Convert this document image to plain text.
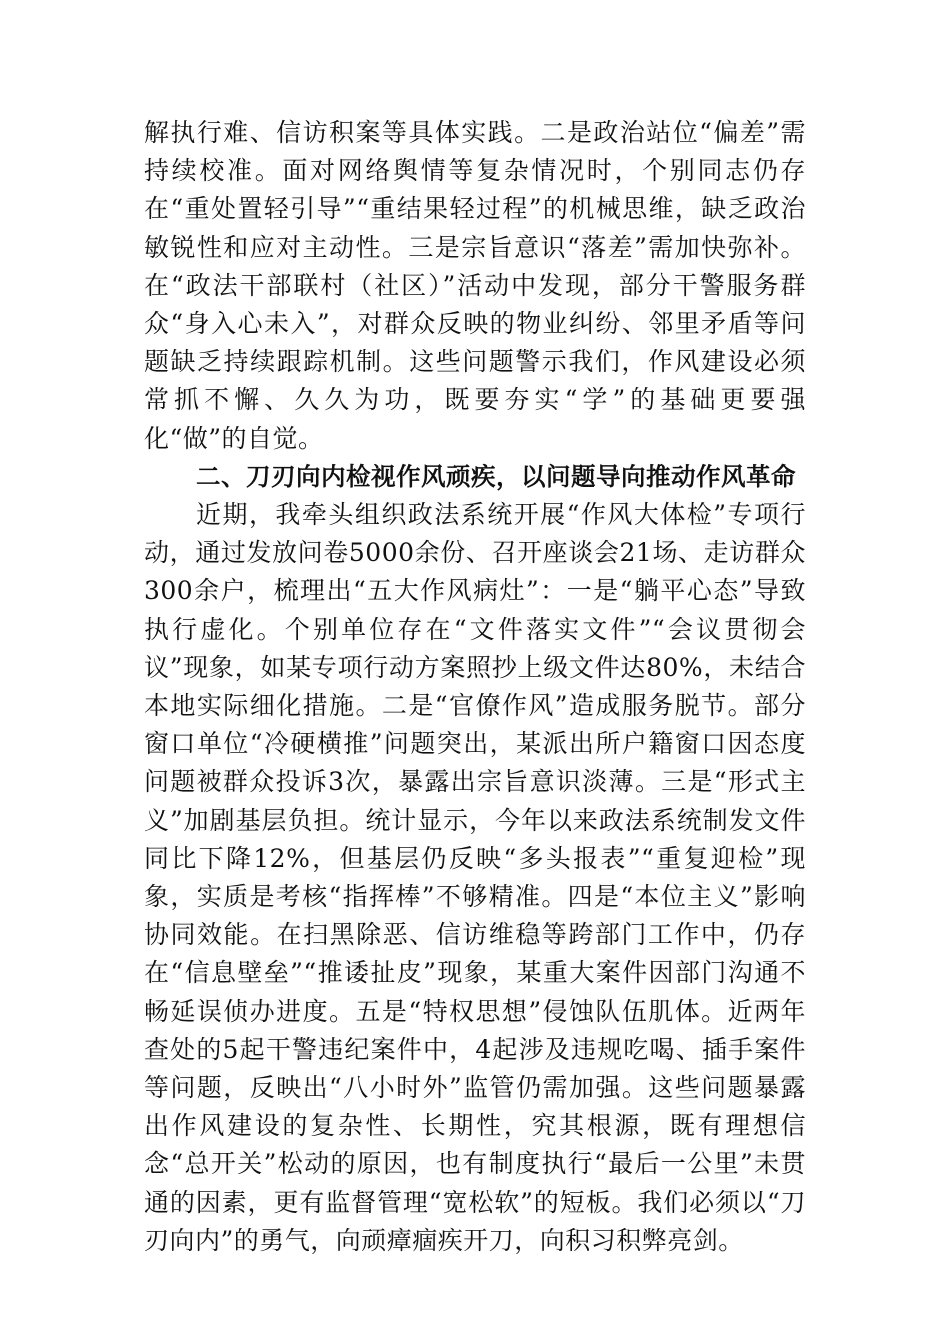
解执行难、信访积案等具体实践。二是政治站位“偏差”需持续校准。面对网络舆情等复杂情况时，个别同志仍存在“重处置轻引导”“重结果轻过程”的机械思维，缺乏政治敏锐性和应对主动性。三是宗旨意识“落差”需加快弥补。在“政法干部联村（社区）”活动中发现，部分干警服务群众“身入心未入”，对群众反映的物业纠纷、邻里矛盾等问题缺乏持续跟踪机制。这些问题警示我们，作风建设必须常抓不懈、久久为功，既要夯实“学”的基础更要强化“做”的自觉。

二、刀刃向内检视作风顽疾，以问题导向推动作风革命

近期，我牵头组织政法系统开展“作风大体检”专项行动，通过发放问卷5000余份、召开座谈会21场、走访群众300余户，梳理出“五大作风病灶”：一是“躺平心态”导致执行虚化。个别单位存在“文件落实文件”“会议贯彻会议”现象，如某专项行动方案照抄上级文件达80%，未结合本地实际细化措施。二是“官僚作风”造成服务脱节。部分窗口单位“冷硬横推”问题突出，某派出所户籍窗口因态度问题被群众投诉3次，暴露出宗旨意识淡薄。三是“形式主义”加剧基层负担。统计显示，今年以来政法系统制发文件同比下降12%，但基层仍反映“多头报表”“重复迎检”现象，实质是考核“指挥棒”不够精准。四是“本位主义”影响协同效能。在扫黑除恶、信访维稳等跨部门工作中，仍存在“信息壁垒”“推诿扯皮”现象，某重大案件因部门沟通不畅延误侦办进度。五是“特权思想”侵蚀队伍肌体。近两年查处的5起干警违纪案件中，4起涉及违规吃喝、插手案件等问题，反映出“八小时外”监管仍需加强。这些问题暴露出作风建设的复杂性、长期性，究其根源，既有理想信念“总开关”松动的原因，也有制度执行“最后一公里”未贯通的因素，更有监督管理“宽松软”的短板。我们必须以“刀刃向内”的勇气，向顽瘴痼疾开刀，向积习积弊亮剑。
